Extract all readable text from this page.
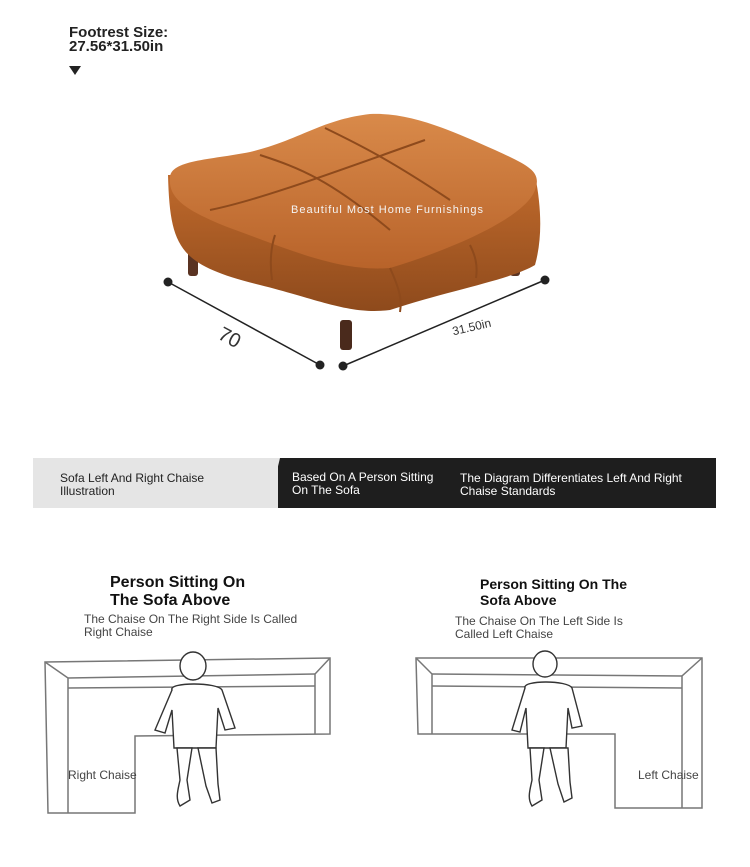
Footrest Size:
27.56*31.50in
Beautiful Most Home Furnishings
70	31.50in
Sofa Left And Right Chaise Illustration
Based On A Person Sitting On The Sofa
The Diagram Differentiates Left And Right Chaise Standards
Person Sitting On The Sofa Above
The Chaise On The Right Side Is Called Right Chaise
Right Chaise
Person Sitting On The Sofa Above
The Chaise On The Left Side Is Called Left Chaise
Left Chaise
